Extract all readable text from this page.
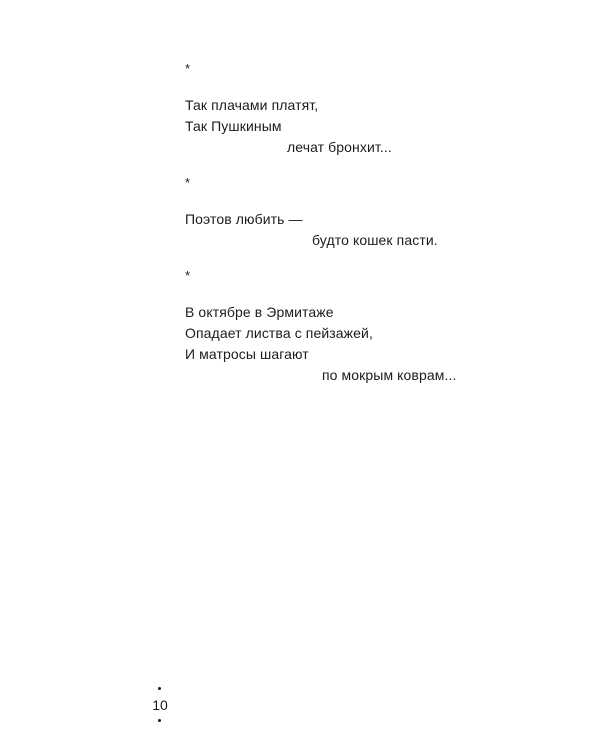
*
Так плачами платят,
Так Пушкиным
лечат бронхит...
*
Поэтов любить —
будто кошек пасти.
*
В октябре в Эрмитаже
Опадает листва с пейзажей,
И матросы шагают
по мокрым коврам...
10
